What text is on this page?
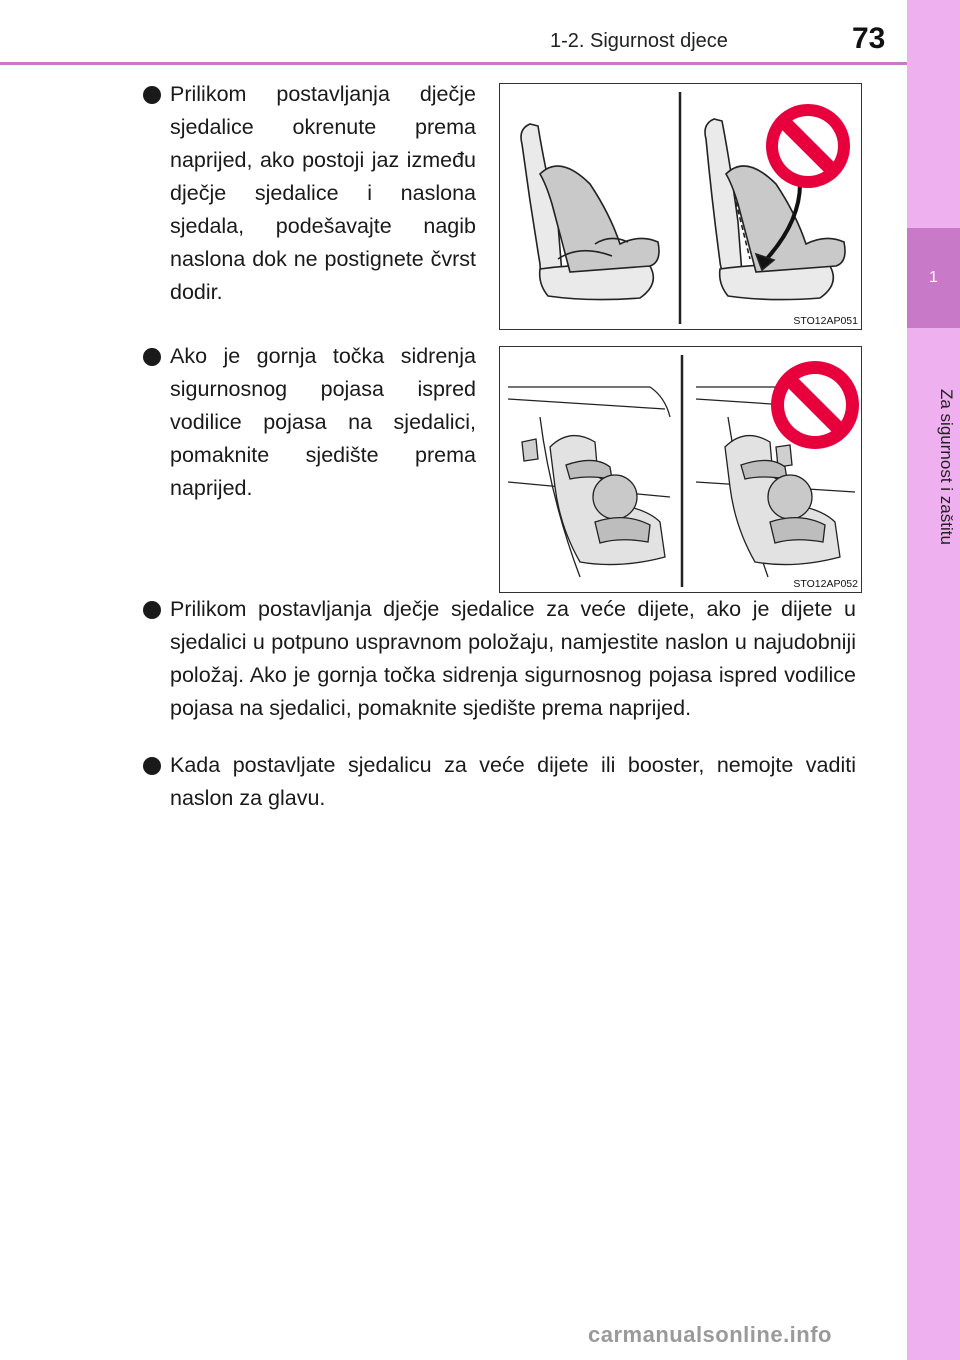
1
Za sigurnost i zaštitu
1-2. Sigurnost djece	73
Prilikom postavljanja dječje sjedalice okrenute prema naprijed, ako postoji jaz između dječje sjedalice i naslona sjedala, podešavajte nagib naslona dok ne postignete čvrst dodir.
Ako je gornja točka sidrenja sigurnosnog pojasa ispred vodilice pojasa na sjedalici, pomaknite sjedište prema naprijed.
Prilikom postavljanja dječje sjedalice za veće dijete, ako je dijete u sjedalici u potpuno uspravnom položaju, namjestite naslon u najudobniji položaj. Ako je gornja točka sidrenja sigurnosnog pojasa ispred vodilice pojasa na sjedalici, pomaknite sjedište prema naprijed.
Kada postavljate sjedalicu za veće dijete ili booster, nemojte vaditi naslon za glavu.
STO12AP051
STO12AP052
carmanualsonline.info
